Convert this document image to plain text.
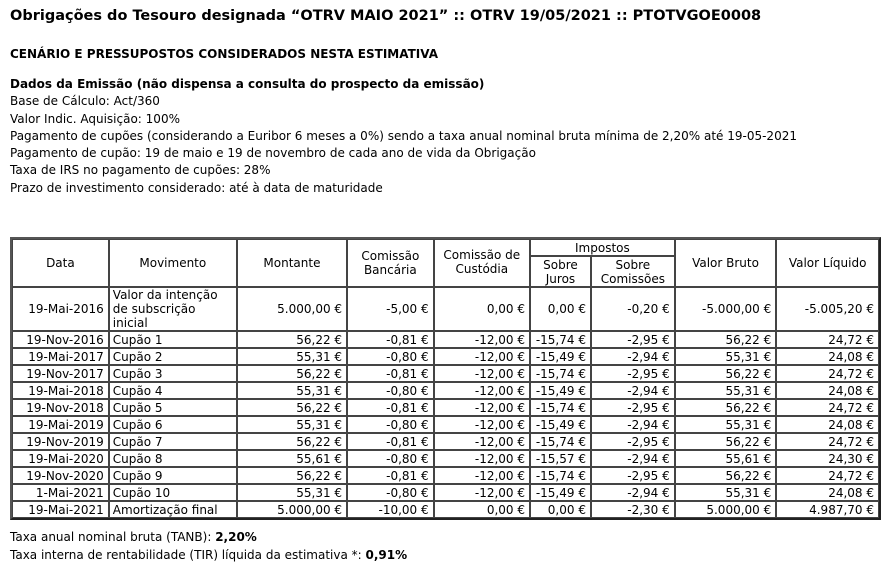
Obrigações do Tesouro designada “OTRV MAIO 2021” :: OTRV 19/05/2021 :: PTOTVGOE0008
CENÁRIO E PRESSUPOSTOS CONSIDERADOS NESTA ESTIMATIVA
Dados da Emissão (não dispensa a consulta do prospecto da emissão)
Base de Cálculo: Act/360
Valor Indic. Aquisição: 100%
Pagamento de cupões (considerando a Euribor 6 meses a 0%) sendo a taxa anual nominal bruta mínima de 2,20% até 19-05-2021
Pagamento de cupão: 19 de maio e 19 de novembro de cada ano de vida da Obrigação
Taxa de IRS no pagamento de cupões: 28%
Prazo de investimento considerado: até à data de maturidade
Data	Movimento	Montante	Comissão Bancária	Comissão de Custódia	Impostos		Valor Bruto	Valor Líquido
					Sobre Juros	Sobre Comissões		
19-Mai-2016	Valor da intenção de subscrição inicial	5.000,00 €	-5,00 €	0,00 €	0,00 €	-0,20 €	-5.000,00 €	-5.005,20 €
19-Nov-2016	Cupão 1	56,22 €	-0,81 €	-12,00 €	-15,74 €	-2,95 €	56,22 €	24,72 €
19-Mai-2017	Cupão 2	55,31 €	-0,80 €	-12,00 €	-15,49 €	-2,94 €	55,31 €	24,08 €
19-Nov-2017	Cupão 3	56,22 €	-0,81 €	-12,00 €	-15,74 €	-2,95 €	56,22 €	24,72 €
19-Mai-2018	Cupão 4	55,31 €	-0,80 €	-12,00 €	-15,49 €	-2,94 €	55,31 €	24,08 €
19-Nov-2018	Cupão 5	56,22 €	-0,81 €	-12,00 €	-15,74 €	-2,95 €	56,22 €	24,72 €
19-Mai-2019	Cupão 6	55,31 €	-0,80 €	-12,00 €	-15,49 €	-2,94 €	55,31 €	24,08 €
19-Nov-2019	Cupão 7	56,22 €	-0,81 €	-12,00 €	-15,74 €	-2,95 €	56,22 €	24,72 €
19-Mai-2020	Cupão 8	55,61 €	-0,80 €	-12,00 €	-15,57 €	-2,94 €	55,61 €	24,30 €
19-Nov-2020	Cupão 9	56,22 €	-0,81 €	-12,00 €	-15,74 €	-2,95 €	56,22 €	24,72 €
1-Mai-2021	Cupão 10	55,31 €	-0,80 €	-12,00 €	-15,49 €	-2,94 €	55,31 €	24,08 €
19-Mai-2021	Amortização final	5.000,00 €	-10,00 €	0,00 €	0,00 €	-2,30 €	5.000,00 €	4.987,70 €
Taxa anual nominal bruta (TANB): 2,20%
Taxa interna de rentabilidade (TIR) líquida da estimativa *: 0,91%
